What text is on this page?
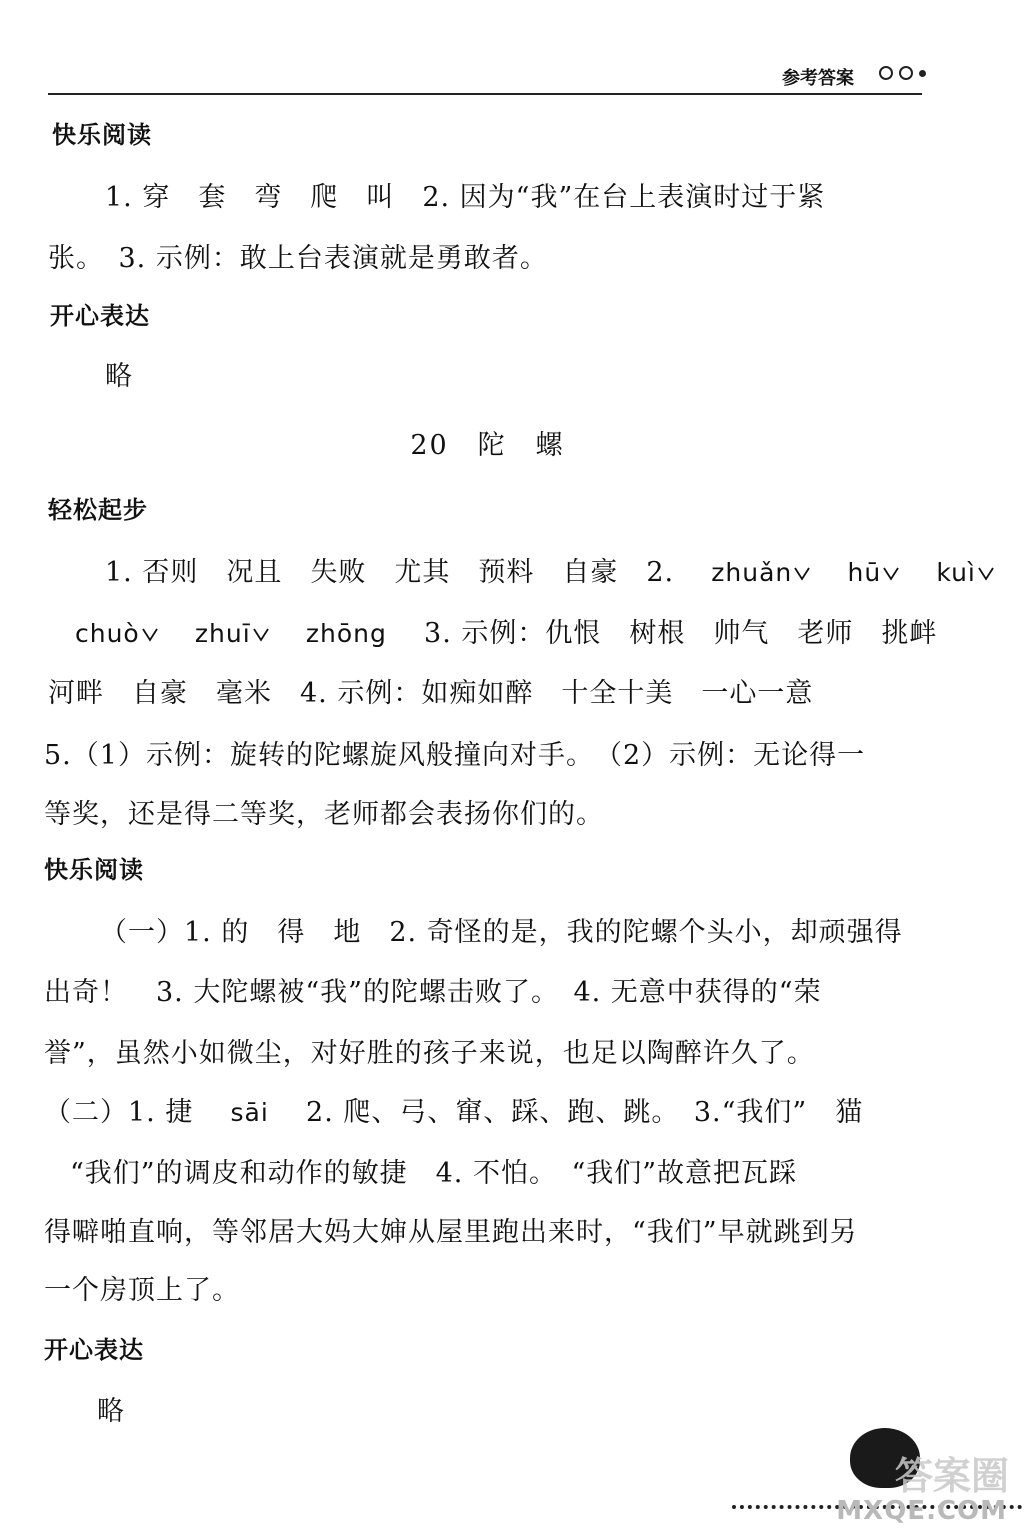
参考答案
快乐阅读
1. 穿　套　弯　爬　叫　2. 因为“我”在台上表演时过于紧
张。　3. 示例：敢上台表演就是勇敢者。
开心表达
略
20　陀　螺
轻松起步
1. 否则　况且　失败　尤其　预料　自豪　2. zhuǎn hū kuì
chuò zhuī zhōng 3. 示例：仇恨　树根　帅气　老师　挑衅
河畔　自豪　毫米　4. 示例：如痴如醉　十全十美　一心一意
5.（1）示例：旋转的陀螺旋风般撞向对手。　（2）示例：无论得一
等奖，还是得二等奖，老师都会表扬你们的。
快乐阅读
（一）1. 的　得　地　2. 奇怪的是，我的陀螺个头小，却顽强得
出奇！　3. 大陀螺被“我”的陀螺击败了。　4. 无意中获得的“荣
誉”，虽然小如微尘，对好胜的孩子来说，也足以陶醉许久了。
（二）1. 捷 sāi 2. 爬、弓、窜、踩、跑、跳。　3.“我们”　猫
“我们”的调皮和动作的敏捷　4. 不怕。　“我们”故意把瓦踩
得噼啪直响，等邻居大妈大婶从屋里跑出来时，“我们”早就跳到另
一个房顶上了。
开心表达
略
答案圈
MXQE.COM
